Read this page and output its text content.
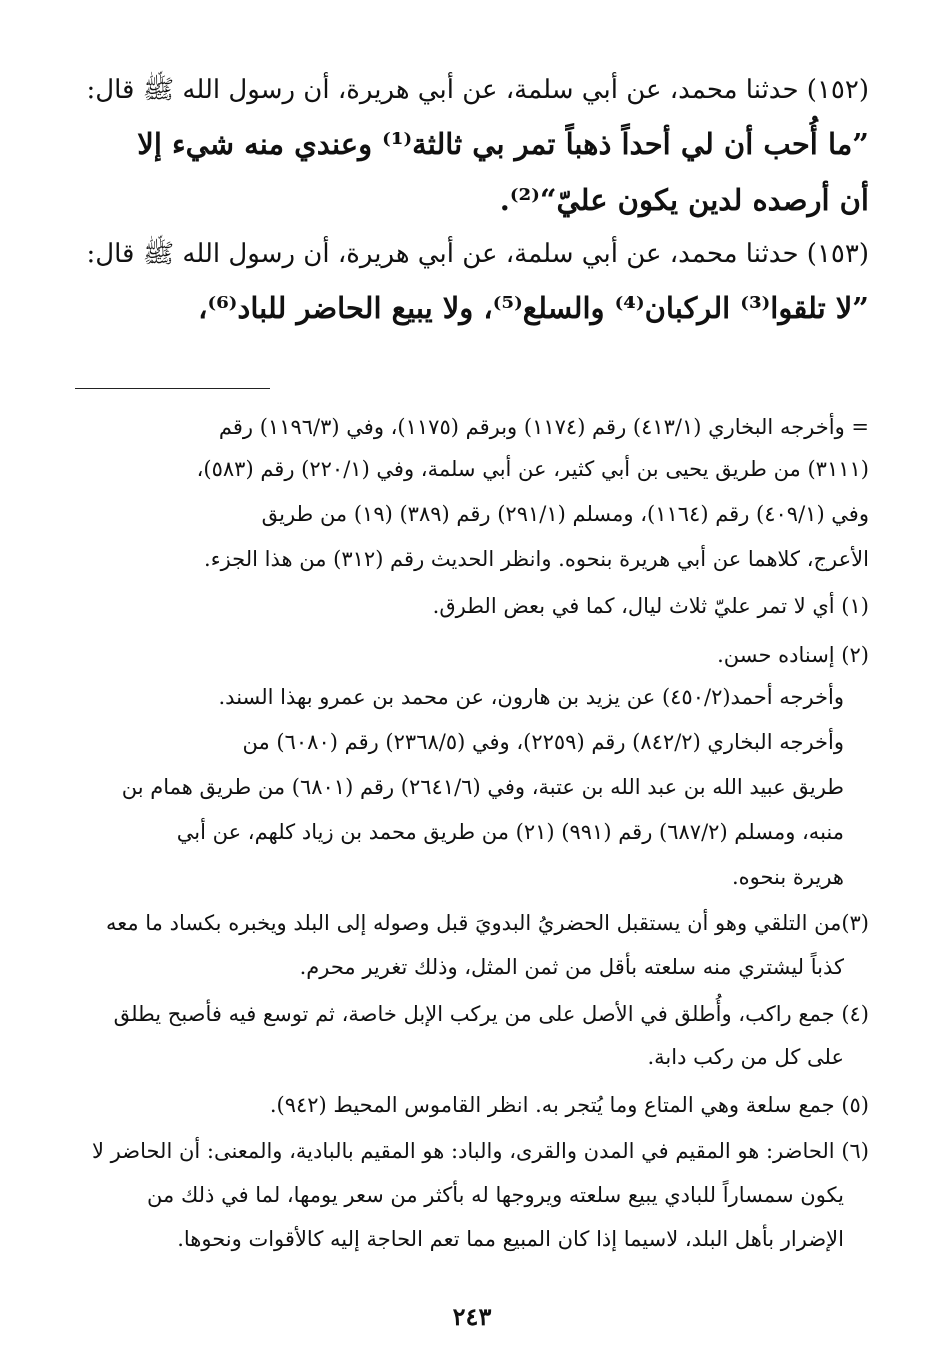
(١٥٢) حدثنا محمد، عن أبي سلمة، عن أبي هريرة، أن رسول الله ﷺ قال:
”ما أُحب أن لي أحداً ذهباً تمر بي ثالثة⁽¹⁾ وعندي منه شيء إلا
أن أرصده لدين يكون عليّ“⁽²⁾.
(١٥٣) حدثنا محمد، عن أبي سلمة، عن أبي هريرة، أن رسول الله ﷺ قال:
”لا تلقوا⁽³⁾ الركبان⁽⁴⁾ والسلع⁽⁵⁾، ولا يبيع الحاضر للباد⁽⁶⁾،
= وأخرجه البخاري (٤١٣/١) رقم (١١٧٤) وبرقم (١١٧٥)، وفي (١١٩٦/٣) رقم
(٣١١١) من طريق يحيى بن أبي كثير، عن أبي سلمة، وفي (٢٢٠/١) رقم (٥٨٣)،
وفي (٤٠٩/١) رقم (١١٦٤)، ومسلم (٢٩١/١) رقم (٣٨٩) (١٩) من طريق
الأعرج، كلاهما عن أبي هريرة بنحوه. وانظر الحديث رقم (٣١٢) من هذا الجزء.
(١) أي لا تمر عليّ ثلاث ليال، كما في بعض الطرق.
(٢) إسناده حسن.
وأخرجه أحمد(٤٥٠/٢) عن يزيد بن هارون، عن محمد بن عمرو بهذا السند.
وأخرجه البخاري (٨٤٢/٢) رقم (٢٢٥٩)، وفي (٢٣٦٨/٥) رقم (٦٠٨٠) من
طريق عبيد الله بن عبد الله بن عتبة، وفي (٢٦٤١/٦) رقم (٦٨٠١) من طريق همام بن
منبه، ومسلم (٦٨٧/٢) رقم (٩٩١) (٢١) من طريق محمد بن زياد كلهم، عن أبي
هريرة بنحوه.
(٣)من التلقي وهو أن يستقبل الحضريُ البدويَ قبل وصوله إلى البلد ويخبره بكساد ما معه
كذباً ليشتري منه سلعته بأقل من ثمن المثل، وذلك تغرير محرم.
(٤) جمع راكب، وأُطلق في الأصل على من يركب الإبل خاصة، ثم توسع فيه فأصبح يطلق
على كل من ركب دابة.
(٥) جمع سلعة وهي المتاع وما يُتجر به. انظر القاموس المحيط (٩٤٢).
(٦) الحاضر: هو المقيم في المدن والقرى، والباد: هو المقيم بالبادية، والمعنى: أن الحاضر لا
يكون سمساراً للبادي يبيع سلعته ويروجها له بأكثر من سعر يومها، لما في ذلك من
الإضرار بأهل البلد، لاسيما إذا كان المبيع مما تعم الحاجة إليه كالأقوات ونحوها.
٢٤٣
